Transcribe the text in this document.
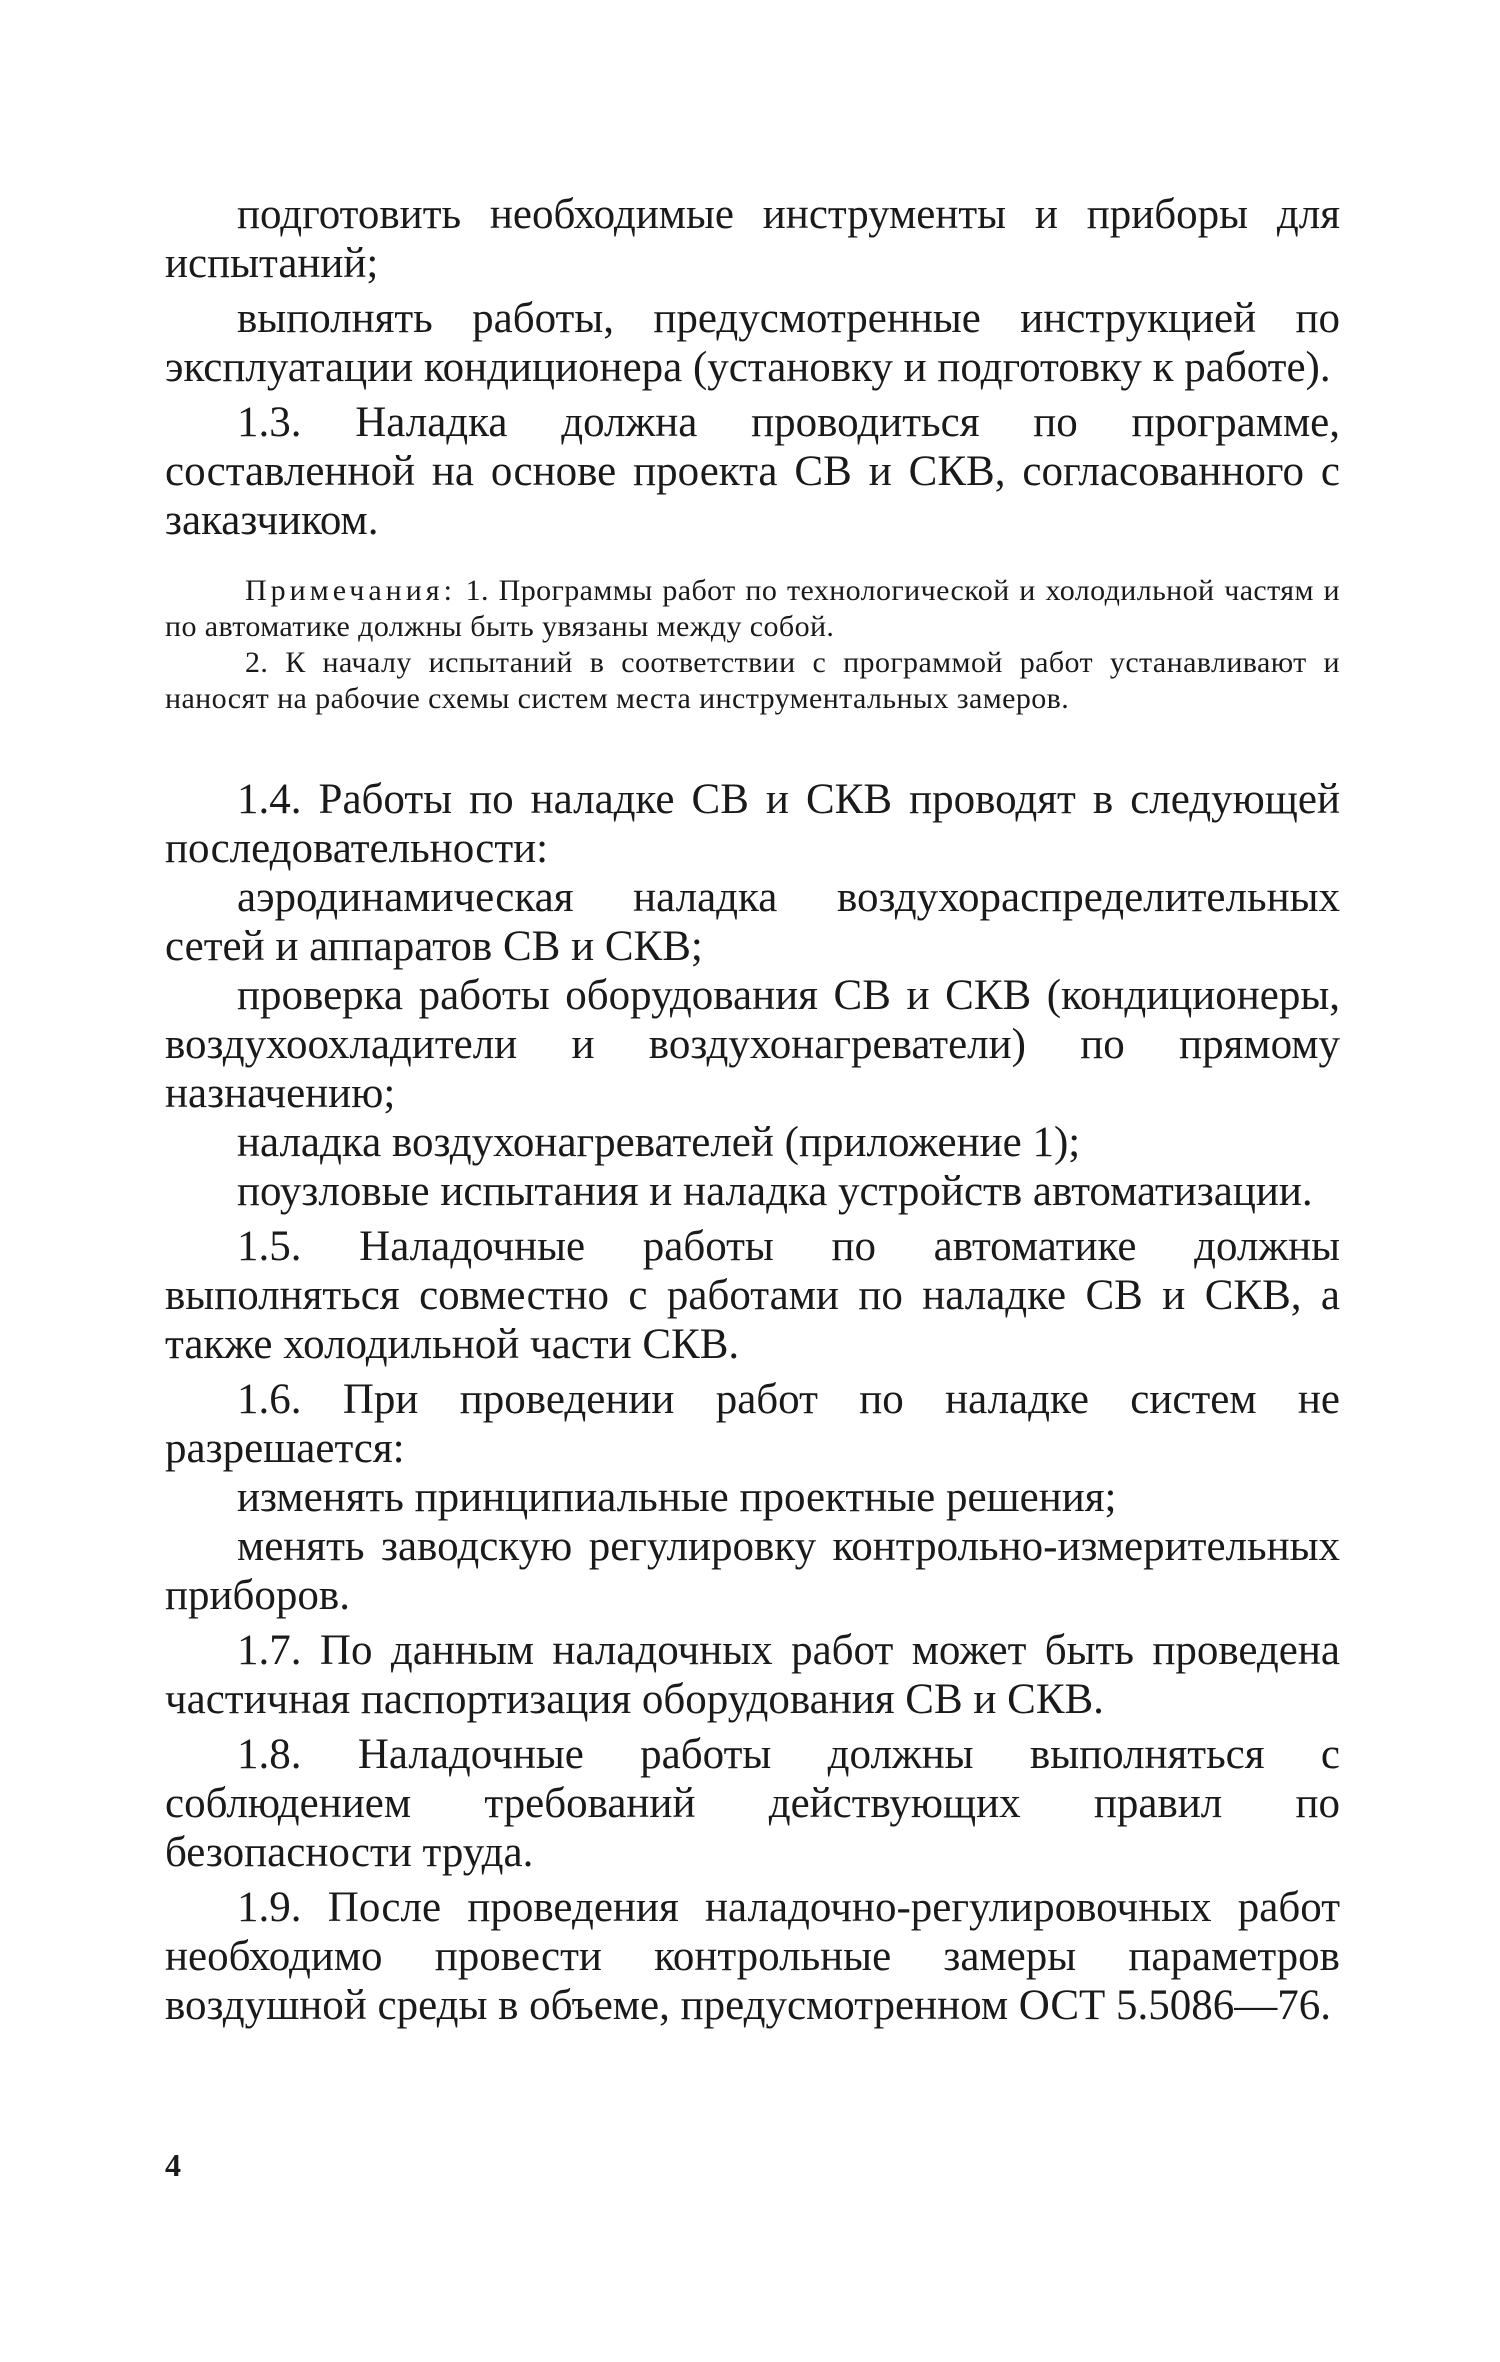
подготовить необходимые инструменты и приборы для испытаний;

выполнять работы, предусмотренные инструкцией по эксплуатации кондиционера (установку и подготовку к работе).

1.3. Наладка должна проводиться по программе, составленной на основе проекта СВ и СКВ, согласованного с заказчиком.

Примечания: 1. Программы работ по технологической и холодильной частям и по автоматике должны быть увязаны между собой.

2. К началу испытаний в соответствии с программой работ устанавливают и наносят на рабочие схемы систем места инструментальных замеров.

1.4. Работы по наладке СВ и СКВ проводят в следующей последовательности:

аэродинамическая наладка воздухораспределительных сетей и аппаратов СВ и СКВ;

проверка работы оборудования СВ и СКВ (кондиционеры, воздухоохладители и воздухонагреватели) по прямому назначению;

наладка воздухонагревателей (приложение 1);

поузловые испытания и наладка устройств автоматизации.

1.5. Наладочные работы по автоматике должны выполняться совместно с работами по наладке СВ и СКВ, а также холодильной части СКВ.

1.6. При проведении работ по наладке систем не разрешается:

изменять принципиальные проектные решения;

менять заводскую регулировку контрольно-измерительных приборов.

1.7. По данным наладочных работ может быть проведена частичная паспортизация оборудования СВ и СКВ.

1.8. Наладочные работы должны выполняться с соблюдением требований действующих правил по безопасности труда.

1.9. После проведения наладочно-регулировочных работ необходимо провести контрольные замеры параметров воздушной среды в объеме, предусмотренном ОСТ 5.5086—76.

4
